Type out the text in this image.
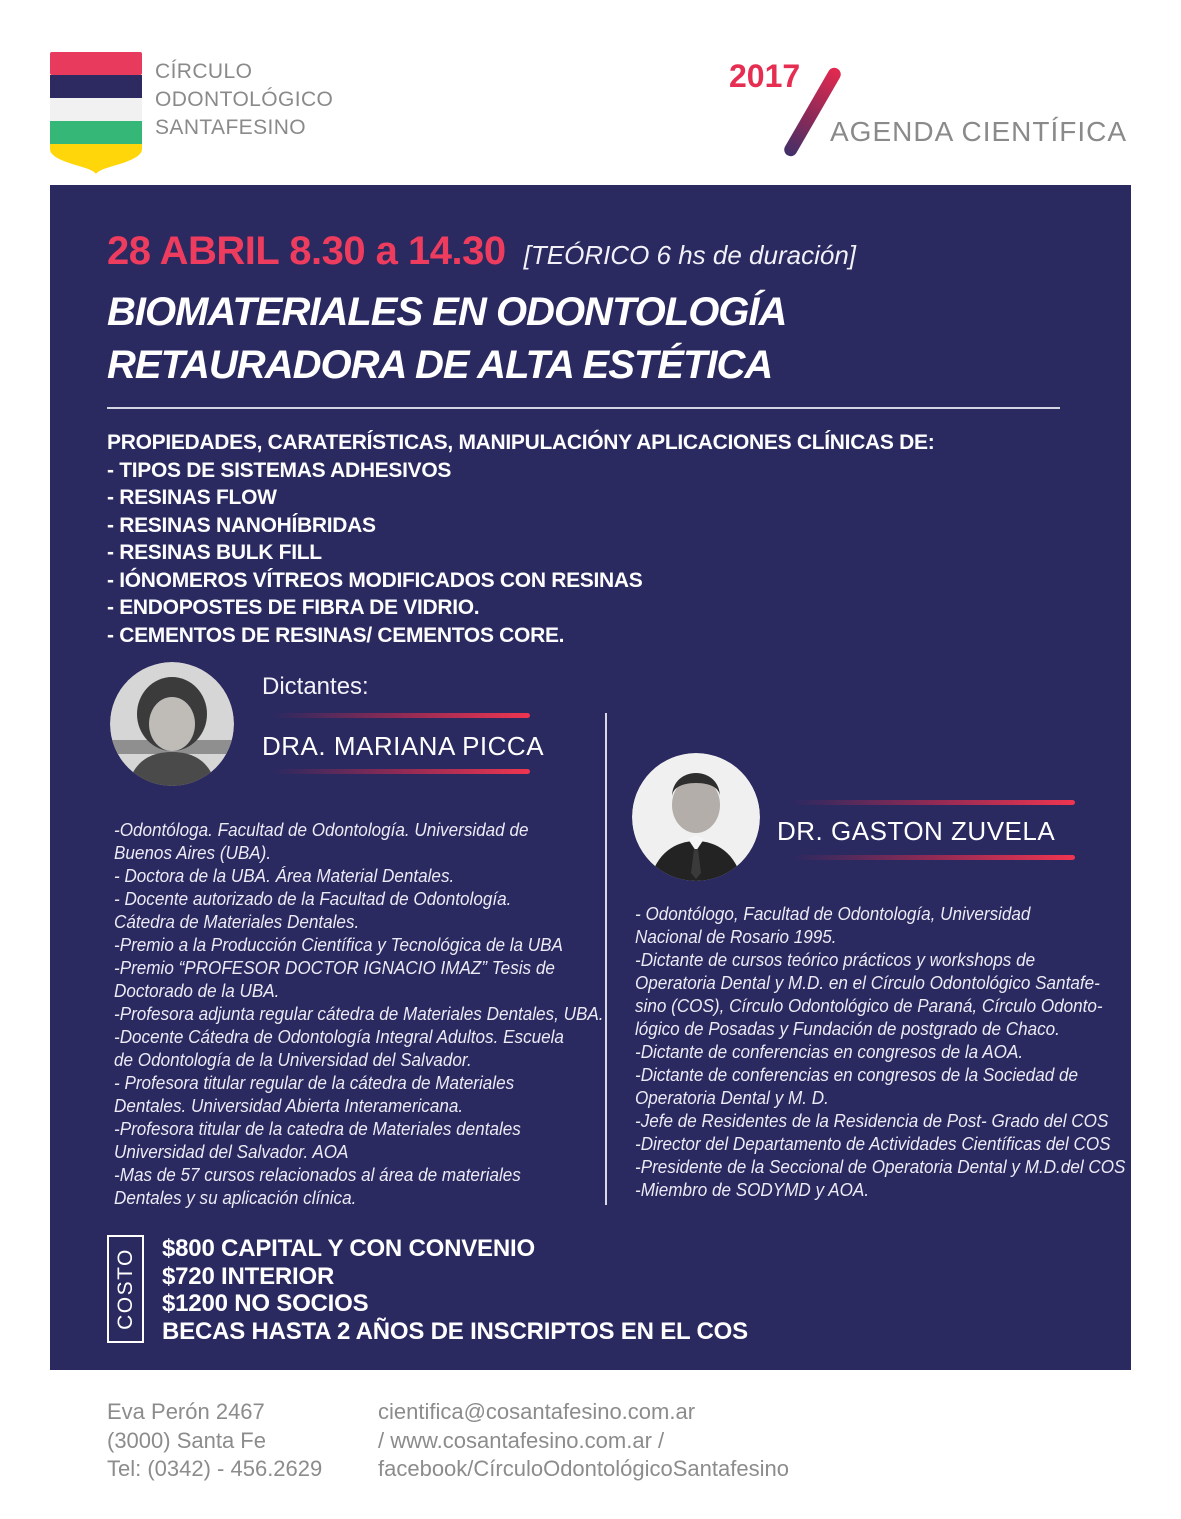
CÍRCULO
ODONTOLÓGICO
SANTAFESINO
2017
AGENDA CIENTÍFICA
28 ABRIL 8.30 a 14.30 [TEÓRICO 6 hs de duración]
BIOMATERIALES EN ODONTOLOGÍA
RETAURADORA DE ALTA ESTÉTICA
PROPIEDADES, CARATERÍSTICAS, MANIPULACIÓNY APLICACIONES CLÍNICAS DE:
- TIPOS DE SISTEMAS ADHESIVOS
- RESINAS FLOW
- RESINAS NANOHÍBRIDAS
- RESINAS BULK FILL
- IÓNOMEROS VÍTREOS MODIFICADOS CON RESINAS
- ENDOPOSTES DE FIBRA DE VIDRIO.
- CEMENTOS DE RESINAS/ CEMENTOS CORE.
Dictantes:
DRA. MARIANA PICCA
-Odontóloga. Facultad de Odontología. Universidad de
Buenos Aires (UBA).
- Doctora de la UBA. Área Material Dentales.
- Docente autorizado de la Facultad de Odontología.
Cátedra de Materiales Dentales.
-Premio a la Producción Científica y Tecnológica de la UBA
-Premio “PROFESOR DOCTOR IGNACIO IMAZ” Tesis de
Doctorado de la UBA.
-Profesora adjunta regular cátedra de Materiales Dentales, UBA.
-Docente Cátedra de Odontología Integral Adultos. Escuela
de Odontología de la Universidad del Salvador.
- Profesora titular regular de la cátedra de Materiales
Dentales. Universidad Abierta Interamericana.
-Profesora titular de la catedra de Materiales dentales
Universidad del Salvador. AOA
-Mas de 57 cursos relacionados al área de materiales
Dentales y su aplicación clínica.
DR. GASTON ZUVELA
- Odontólogo, Facultad de Odontología, Universidad
Nacional de Rosario 1995.
-Dictante de cursos teórico prácticos y workshops de
Operatoria Dental y M.D. en el Círculo Odontológico Santafe-
sino (COS), Círculo Odontológico de Paraná, Círculo Odonto-
lógico de Posadas y Fundación de postgrado de Chaco.
-Dictante de conferencias en congresos de la AOA.
-Dictante de conferencias en congresos de la Sociedad de
Operatoria Dental y M. D.
-Jefe de Residentes de la Residencia de Post- Grado del COS
-Director del Departamento de Actividades Científicas del COS
-Presidente de la Seccional de Operatoria Dental y M.D.del COS
-Miembro de SODYMD y AOA.
COSTO $800 CAPITAL Y CON CONVENIO
$720 INTERIOR
$1200 NO SOCIOS
BECAS HASTA 2 AÑOS DE INSCRIPTOS EN EL COS
Eva Perón 2467
(3000) Santa Fe
Tel: (0342) - 456.2629
cientifica@cosantafesino.com.ar
/ www.cosantafesino.com.ar /
facebook/CírculoOdontológicoSantafesino
